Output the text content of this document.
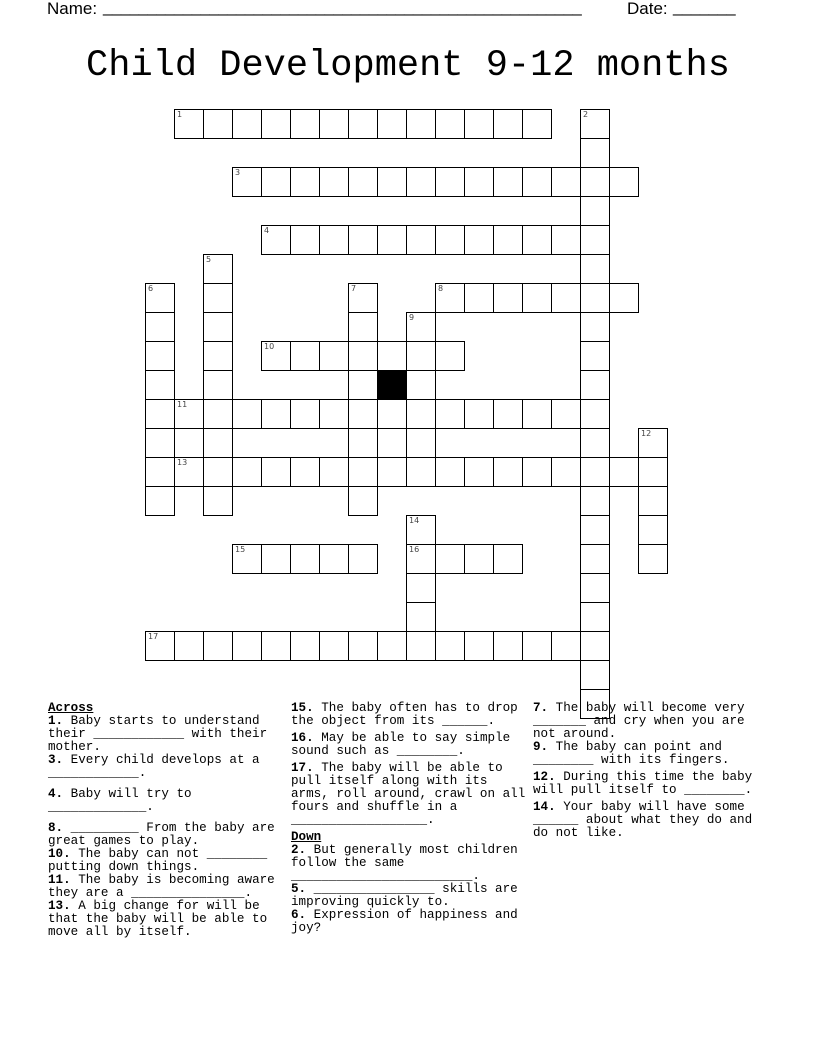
Name: ______________________________________________________	Date: _______
Child Development 9-12 months
1	2
3
4
5
6	7	8
9
10
11
12
13
14
16
15
17
Across
1. Baby starts to understand their ____________ with their mother.
3. Every child develops at a ____________.
4. Baby will try to _____________.
8. _________ From the baby are great games to play.
10. The baby can not ________ putting down things.
11. The baby is becoming aware they are a _______________.
13. A big change for will be that the baby will be able to move all by itself.
15. The baby often has to drop the object from its ______.
16. May be able to say simple sound such as ________.
17. The baby will be able to pull itself along with its arms, roll around, crawl on all fours and shuffle in a __________________.
Down
2. But generally most children follow the same ________________________.
5. ________________ skills are improving quickly to.
6. Expression of happiness and joy?
7. The baby will become very _______ and cry when you are not around.
9. The baby can point and ________ with its fingers.
12. During this time the baby will pull itself to ________.
14. Your baby will have some ______ about what they do and do not like.
